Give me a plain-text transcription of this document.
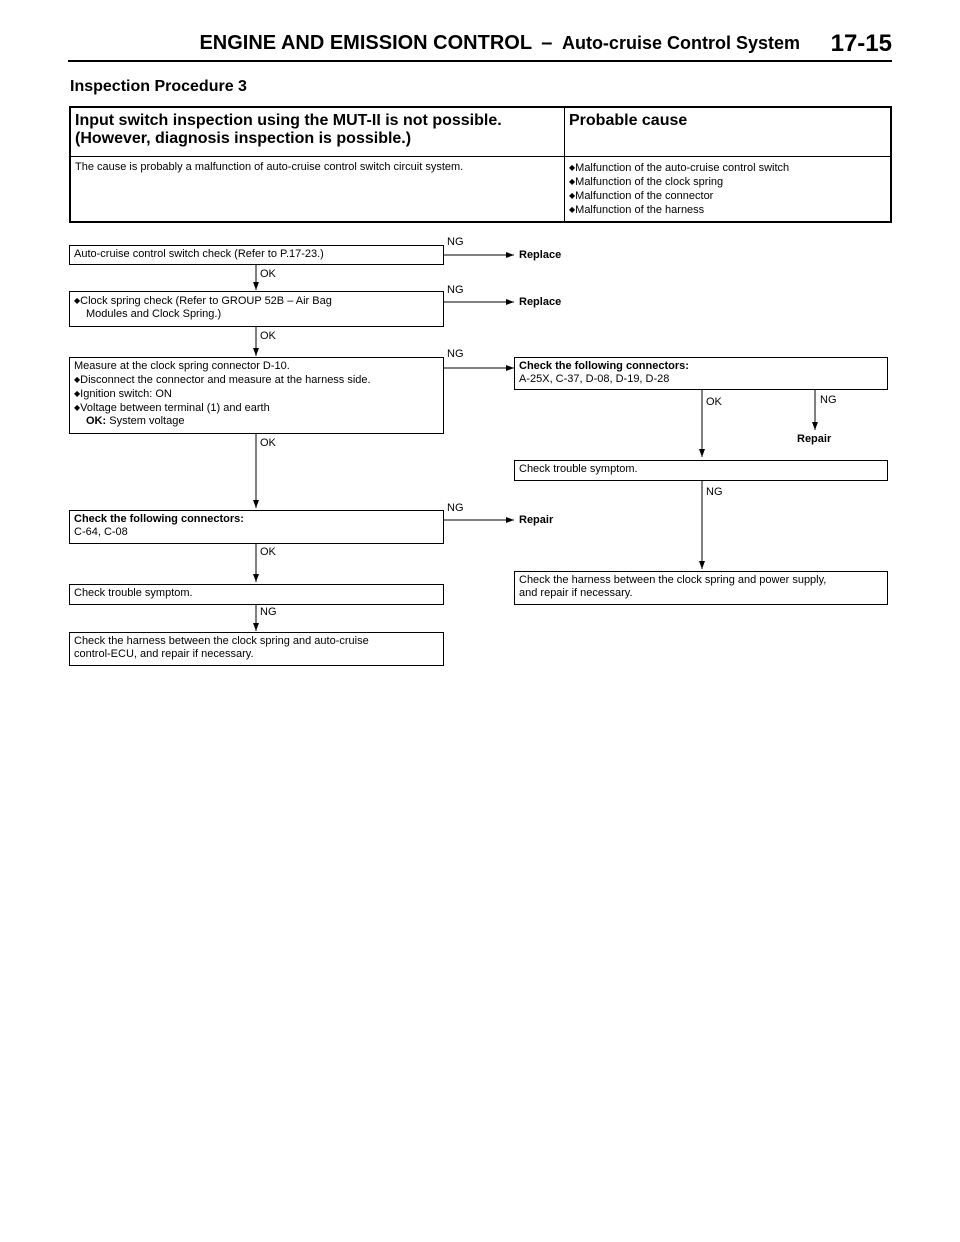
ENGINE AND EMISSION CONTROL – Auto-cruise Control System 17-15
Inspection Procedure 3
Input switch inspection using the MUT-II is not possible.
(However, diagnosis inspection is possible.)	Probable cause
The cause is probably a malfunction of auto-cruise control switch circuit system.	◆ Malfunction of the auto-cruise control switch
◆ Malfunction of the clock spring
◆ Malfunction of the connector
◆ Malfunction of the harness
Auto-cruise control switch check (Refer to P.17-23.)
◆ Clock spring check (Refer to GROUP 52B – Air Bag
Modules and Clock Spring.)
Measure at the clock spring connector D-10.
◆ Disconnect the connector and measure at the harness side.
◆ Ignition switch: ON
◆ Voltage between terminal (1) and earth
OK: System voltage
Check the following connectors:
C-64, C-08
Check trouble symptom.
Check the harness between the clock spring and auto-cruise
control-ECU, and repair if necessary.
Check the following connectors:
A-25X, C-37, D-08, D-19, D-28
Check trouble symptom.
Check the harness between the clock spring and power supply,
and repair if necessary.
Replace
Replace
Repair
Repair
NG
NG
NG
NG
OK
OK
OK
OK
NG
OK	NG
NG
